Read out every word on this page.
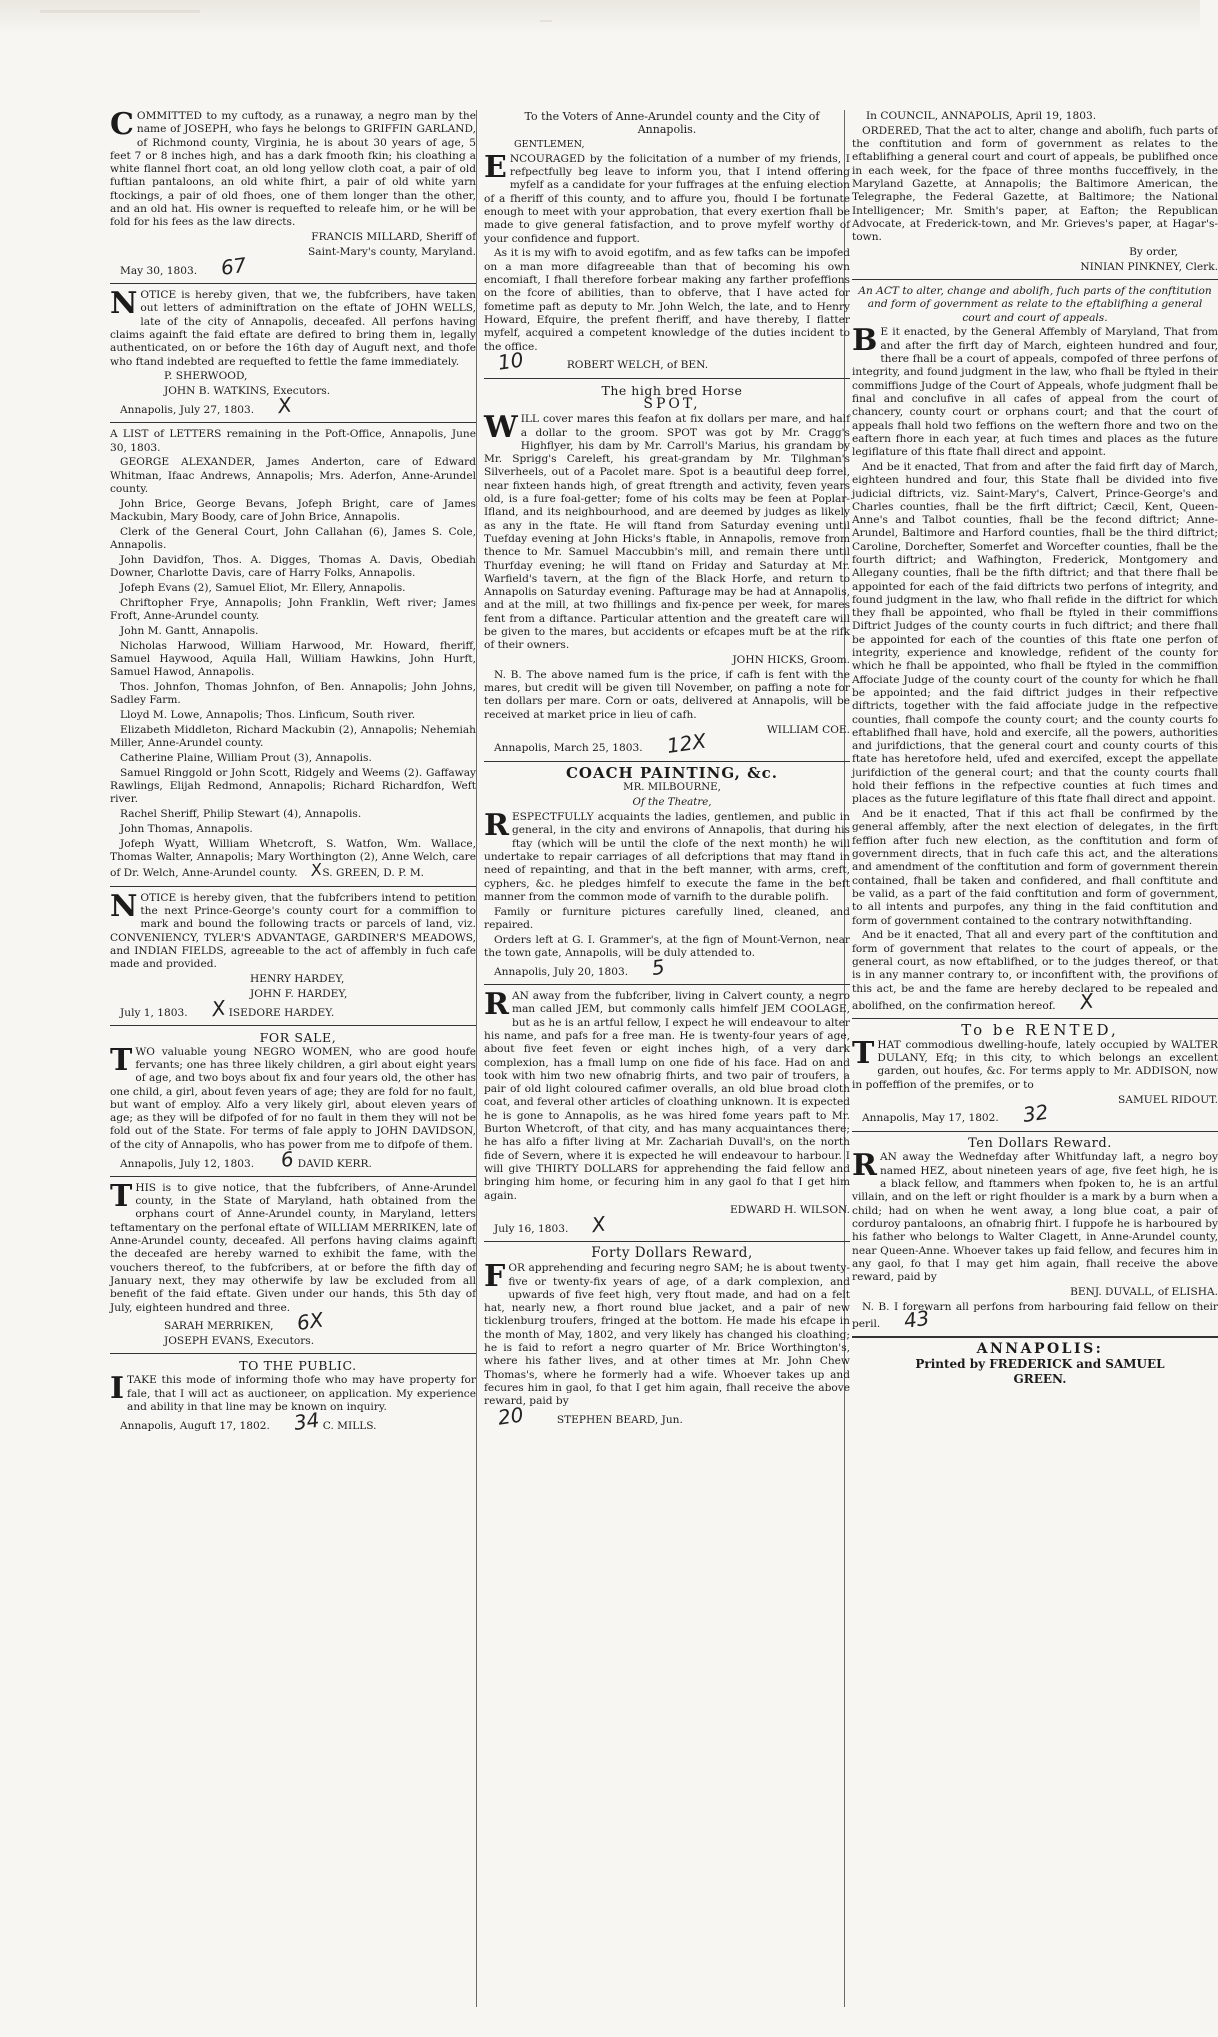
COMMITTED to my cuftody, as a runaway, a negro man by the name of JOSEPH, who fays he belongs to GRIFFIN GARLAND, of Richmond county, Virginia, he is about 30 years of age, 5 feet 7 or 8 inches high, and has a dark fmooth fkin; his cloathing a white flannel fhort coat, an old long yellow cloth coat, a pair of old fuftian pantaloons, an old white fhirt, a pair of old white yarn ftockings, a pair of old fhoes, one of them longer than the other, and an old hat. His owner is requefted to releafe him, or he will be fold for his fees as the law directs.

FRANCIS MILLARD, Sheriff of

Saint-Mary's county, Maryland.

May 30, 1803. 67

NOTICE is hereby given, that we, the fubfcribers, have taken out letters of adminiftration on the eftate of JOHN WELLS, late of the city of Annapolis, deceafed. All perfons having claims againft the faid eftate are defired to bring them in, legally authenticated, on or before the 16th day of Auguft next, and thofe who ftand indebted are requefted to fettle the fame immediately.

P. SHERWOOD,

JOHN B. WATKINS, Executors.

Annapolis, July 27, 1803. X

A LIST of LETTERS remaining in the Poft-Office, Annapolis, June 30, 1803.

GEORGE ALEXANDER, James Anderton, care of Edward Whitman, Ifaac Andrews, Annapolis; Mrs. Aderfon, Anne-Arundel county.

John Brice, George Bevans, Jofeph Bright, care of James Mackubin, Mary Boody, care of John Brice, Annapolis.

Clerk of the General Court, John Callahan (6), James S. Cole, Annapolis.

John Davidfon, Thos. A. Digges, Thomas A. Davis, Obediah Downer, Charlotte Davis, care of Harry Folks, Annapolis.

Jofeph Evans (2), Samuel Eliot, Mr. Ellery, Annapolis.

Chriftopher Frye, Annapolis; John Franklin, Weft river; James Froft, Anne-Arundel county.

John M. Gantt, Annapolis.

Nicholas Harwood, William Harwood, Mr. Howard, fheriff, Samuel Haywood, Aquila Hall, William Hawkins, John Hurft, Samuel Hawod, Annapolis.

Thos. Johnfon, Thomas Johnfon, of Ben. Annapolis; John Johns, Sadley Farm.

Lloyd M. Lowe, Annapolis; Thos. Linficum, South river.

Elizabeth Middleton, Richard Mackubin (2), Annapolis; Nehemiah Miller, Anne-Arundel county.

Catherine Plaine, William Prout (3), Annapolis.

Samuel Ringgold or John Scott, Ridgely and Weems (2). Gaffaway Rawlings, Elijah Redmond, Annapolis; Richard Richardfon, Weft river.

Rachel Sheriff, Philip Stewart (4), Annapolis.

John Thomas, Annapolis.

Jofeph Wyatt, William Whetcroft, S. Watfon, Wm. Wallace, Thomas Walter, Annapolis; Mary Worthington (2), Anne Welch, care of Dr. Welch, Anne-Arundel county. XS. GREEN, D. P. M.

NOTICE is hereby given, that the fubfcribers intend to petition the next Prince-George's county court for a commiffion to mark and bound the following tracts or parcels of land, viz. CONVENIENCY, TYLER'S ADVANTAGE, GARDINER'S MEADOWS, and INDIAN FIELDS, agreeable to the act of affembly in fuch cafe made and provided.

HENRY HARDEY,

JOHN F. HARDEY,

July 1, 1803. X ISEDORE HARDEY.

FOR SALE,

TWO valuable young NEGRO WOMEN, who are good houfe fervants; one has three likely children, a girl about eight years of age, and two boys about fix and four years old, the other has one child, a girl, about feven years of age; they are fold for no fault, but want of employ. Alfo a very likely girl, about eleven years of age; as they will be difpofed of for no fault in them they will not be fold out of the State. For terms of fale apply to JOHN DAVIDSON, of the city of Annapolis, who has power from me to difpofe of them.

Annapolis, July 12, 1803. 6 DAVID KERR.

THIS is to give notice, that the fubfcribers, of Anne-Arundel county, in the State of Maryland, hath obtained from the orphans court of Anne-Arundel county, in Maryland, letters teftamentary on the perfonal eftate of WILLIAM MERRIKEN, late of Anne-Arundel county, deceafed. All perfons having claims againft the deceafed are hereby warned to exhibit the fame, with the vouchers thereof, to the fubfcribers, at or before the fifth day of January next, they may otherwife by law be excluded from all benefit of the faid eftate. Given under our hands, this 5th day of July, eighteen hundred and three.

SARAH MERRIKEN, 6X

JOSEPH EVANS, Executors.

TO THE PUBLIC.

ITAKE this mode of informing thofe who may have property for fale, that I will act as auctioneer, on application. My experience and ability in that line may be known on inquiry.

Annapolis, Auguft 17, 1802. 34 C. MILLS.

To the Voters of Anne-Arundel county and the City of Annapolis.

GENTLEMEN,

ENCOURAGED by the folicitation of a number of my friends, I refpectfully beg leave to inform you, that I intend offering myfelf as a candidate for your fuffrages at the enfuing election of a fheriff of this county, and to affure you, fhould I be fortunate enough to meet with your approbation, that every exertion fhall be made to give general fatisfaction, and to prove myfelf worthy of your confidence and fupport.

As it is my wifh to avoid egotifm, and as few tafks can be impofed on a man more difagreeable than that of becoming his own encomiaft, I fhall therefore forbear making any farther profeffions on the fcore of abilities, than to obferve, that I have acted for fometime paft as deputy to Mr. John Welch, the late, and to Henry Howard, Efquire, the prefent fheriff, and have thereby, I flatter myfelf, acquired a competent knowledge of the duties incident to the office.

10	ROBERT WELCH, of BEN.

The high bred Horse

SPOT,

WILL cover mares this feafon at fix dollars per mare, and half a dollar to the groom. SPOT was got by Mr. Cragg's Highflyer, his dam by Mr. Carroll's Marius, his grandam by Mr. Sprigg's Careleft, his great-grandam by Mr. Tilghman's Silverheels, out of a Pacolet mare. Spot is a beautiful deep forrel, near fixteen hands high, of great ftrength and activity, feven years old, is a fure foal-getter; fome of his colts may be feen at Poplar-Ifland, and its neighbourhood, and are deemed by judges as likely as any in the ftate. He will ftand from Saturday evening until Tuefday evening at John Hicks's ftable, in Annapolis, remove from thence to Mr. Samuel Maccubbin's mill, and remain there until Thurfday evening; he will ftand on Friday and Saturday at Mr. Warfield's tavern, at the fign of the Black Horfe, and return to Annapolis on Saturday evening. Pafturage may be had at Annapolis, and at the mill, at two fhillings and fix-pence per week, for mares fent from a diftance. Particular attention and the greateft care will be given to the mares, but accidents or efcapes muft be at the rifk of their owners.

JOHN HICKS, Groom.

N. B. The above named fum is the price, if cafh is fent with the mares, but credit will be given till November, on paffing a note for ten dollars per mare. Corn or oats, delivered at Annapolis, will be received at market price in lieu of cafh.

WILLIAM COE.

Annapolis, March 25, 1803. 12X

COACH PAINTING, &c.

MR. MILBOURNE,

Of the Theatre,

RESPECTFULLY acquaints the ladies, gentlemen, and public in general, in the city and environs of Annapolis, that during his ftay (which will be until the clofe of the next month) he will undertake to repair carriages of all defcriptions that may ftand in need of repainting, and that in the beft manner, with arms, creft, cyphers, &c. he pledges himfelf to execute the fame in the beft manner from the common mode of varnifh to the durable polifh.

Family or furniture pictures carefully lined, cleaned, and repaired.

Orders left at G. I. Grammer's, at the fign of Mount-Vernon, near the town gate, Annapolis, will be duly attended to.

Annapolis, July 20, 1803. 5

RAN away from the fubfcriber, living in Calvert county, a negro man called JEM, but commonly calls himfelf JEM COOLAGE, but as he is an artful fellow, I expect he will endeavour to alter his name, and pafs for a free man. He is twenty-four years of age, about five feet feven or eight inches high, of a very dark complexion, has a fmall lump on one fide of his face. Had on and took with him two new ofnabrig fhirts, and two pair of troufers, a pair of old light coloured cafimer overalls, an old blue broad cloth coat, and feveral other articles of cloathing unknown. It is expected he is gone to Annapolis, as he was hired fome years paft to Mr. Burton Whetcroft, of that city, and has many acquaintances there; he has alfo a fifter living at Mr. Zachariah Duvall's, on the north fide of Severn, where it is expected he will endeavour to harbour. I will give THIRTY DOLLARS for apprehending the faid fellow and bringing him home, or fecuring him in any gaol fo that I get him again.

EDWARD H. WILSON.

July 16, 1803. X

Forty Dollars Reward,

FOR apprehending and fecuring negro SAM; he is about twenty-five or twenty-fix years of age, of a dark complexion, and upwards of five feet high, very ftout made, and had on a felt hat, nearly new, a fhort round blue jacket, and a pair of new ticklenburg troufers, fringed at the bottom. He made his efcape in the month of May, 1802, and very likely has changed his cloathing; he is faid to refort a negro quarter of Mr. Brice Worthington's, where his father lives, and at other times at Mr. John Chew Thomas's, where he formerly had a wife. Whoever takes up and fecures him in gaol, fo that I get him again, fhall receive the above reward, paid by

20	STEPHEN BEARD, Jun.

In COUNCIL, ANNAPOLIS, April 19, 1803.

ORDERED, That the act to alter, change and abolifh, fuch parts of the conftitution and form of government as relates to the eftablifhing a general court and court of appeals, be publifhed once in each week, for the fpace of three months fucceffively, in the Maryland Gazette, at Annapolis; the Baltimore American, the Telegraphe, the Federal Gazette, at Baltimore; the National Intelligencer; Mr. Smith's paper, at Eafton; the Republican Advocate, at Frederick-town, and Mr. Grieves's paper, at Hagar's-town.

By order,

NINIAN PINKNEY, Clerk.

An ACT to alter, change and abolifh, fuch parts of the conftitution and form of government as relate to the eftablifhing a general court and court of appeals.

B E it enacted, by the General Affembly of Maryland, That from and after the firft day of March, eighteen hundred and four, there fhall be a court of appeals, compofed of three perfons of integrity, and found judgment in the law, who fhall be ftyled in their commiffions Judge of the Court of Appeals, whofe judgment fhall be final and conclufive in all cafes of appeal from the court of chancery, county court or orphans court; and that the court of appeals fhall hold two feffions on the weftern fhore and two on the eaftern fhore in each year, at fuch times and places as the future legiflature of this ftate fhall direct and appoint.

And be it enacted, That from and after the faid firft day of March, eighteen hundred and four, this State fhall be divided into five judicial diftricts, viz. Saint-Mary's, Calvert, Prince-George's and Charles counties, fhall be the firft diftrict; Cæcil, Kent, Queen-Anne's and Talbot counties, fhall be the fecond diftrict; Anne-Arundel, Baltimore and Harford counties, fhall be the third diftrict; Caroline, Dorchefter, Somerfet and Worcefter counties, fhall be the fourth diftrict; and Wafhington, Frederick, Montgomery and Allegany counties, fhall be the fifth diftrict; and that there fhall be appointed for each of the faid diftricts two perfons of integrity, and found judgment in the law, who fhall refide in the diftrict for which they fhall be appointed, who fhall be ftyled in their commiffions Diftrict Judges of the county courts in fuch diftrict; and there fhall be appointed for each of the counties of this ftate one perfon of integrity, experience and knowledge, refident of the county for which he fhall be appointed, who fhall be ftyled in the commiffion Affociate Judge of the county court of the county for which he fhall be appointed; and the faid diftrict judges in their refpective diftricts, together with the faid affociate judge in the refpective counties, fhall compofe the county court; and the county courts fo eftablifhed fhall have, hold and exercife, all the powers, authorities and jurifdictions, that the general court and county courts of this ftate has heretofore held, ufed and exercifed, except the appellate jurifdiction of the general court; and that the county courts fhall hold their feffions in the refpective counties at fuch times and places as the future legiflature of this ftate fhall direct and appoint.

And be it enacted, That if this act fhall be confirmed by the general affembly, after the next election of delegates, in the firft feffion after fuch new election, as the conftitution and form of government directs, that in fuch cafe this act, and the alterations and amendment of the conftitution and form of government therein contained, fhall be taken and confidered, and fhall conftitute and be valid, as a part of the faid conftitution and form of government, to all intents and purpofes, any thing in the faid conftitution and form of government contained to the contrary notwithftanding.

And be it enacted, That all and every part of the conftitution and form of government that relates to the court of appeals, or the general court, as now eftablifhed, or to the judges thereof, or that is in any manner contrary to, or inconfiftent with, the provifions of this act, be and the fame are hereby declared to be repealed and abolifhed, on the confirmation hereof. X

To be RENTED,

THAT commodious dwelling-houfe, lately occupied by WALTER DULANY, Efq; in this city, to which belongs an excellent garden, out houfes, &c. For terms apply to Mr. ADDISON, now in poffeffion of the premifes, or to

SAMUEL RIDOUT.

Annapolis, May 17, 1802. 32

Ten Dollars Reward.

RAN away the Wednefday after Whitfunday laft, a negro boy named HEZ, about nineteen years of age, five feet high, he is a black fellow, and ftammers when fpoken to, he is an artful villain, and on the left or right fhoulder is a mark by a burn when a child; had on when he went away, a long blue coat, a pair of corduroy pantaloons, an ofnabrig fhirt. I fuppofe he is harboured by his father who belongs to Walter Clagett, in Anne-Arundel county, near Queen-Anne. Whoever takes up faid fellow, and fecures him in any gaol, fo that I may get him again, fhall receive the above reward, paid by

BENJ. DUVALL, of ELISHA.

N. B. I forewarn all perfons from harbouring faid fellow on their peril. 43

ANNAPOLIS:

Printed by FREDERICK and SAMUEL

GREEN.
